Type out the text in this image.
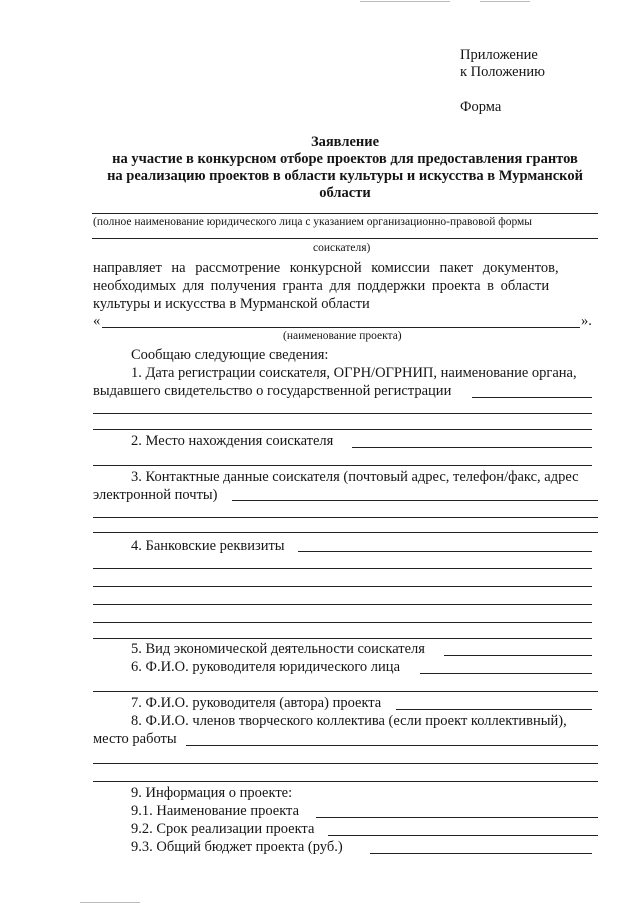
Приложение
к Положению
Форма
Заявление
на участие в конкурсном отборе проектов для предоставления грантов
на реализацию проектов в области культуры и искусства в Мурманской
области
(полное наименование юридического лица с указанием организационно-правовой формы
соискателя)
направляет на рассмотрение конкурсной комиссии пакет документов,
необходимых для получения гранта для поддержки проекта в области
культуры и искусства в Мурманской области
«	».
(наименование проекта)
Сообщаю следующие сведения:
1. Дата регистрации соискателя, ОГРН/ОГРНИП, наименование органа,
выдавшего свидетельство о государственной регистрации
2. Место нахождения соискателя
3. Контактные данные соискателя (почтовый адрес, телефон/факс, адрес
электронной почты)
4. Банковские реквизиты
5. Вид экономической деятельности соискателя
6. Ф.И.О. руководителя юридического лица
7. Ф.И.О. руководителя (автора) проекта
8. Ф.И.О. членов творческого коллектива (если проект коллективный),
место работы
9. Информация о проекте:
9.1. Наименование проекта
9.2. Срок реализации проекта
9.3. Общий бюджет проекта (руб.)
